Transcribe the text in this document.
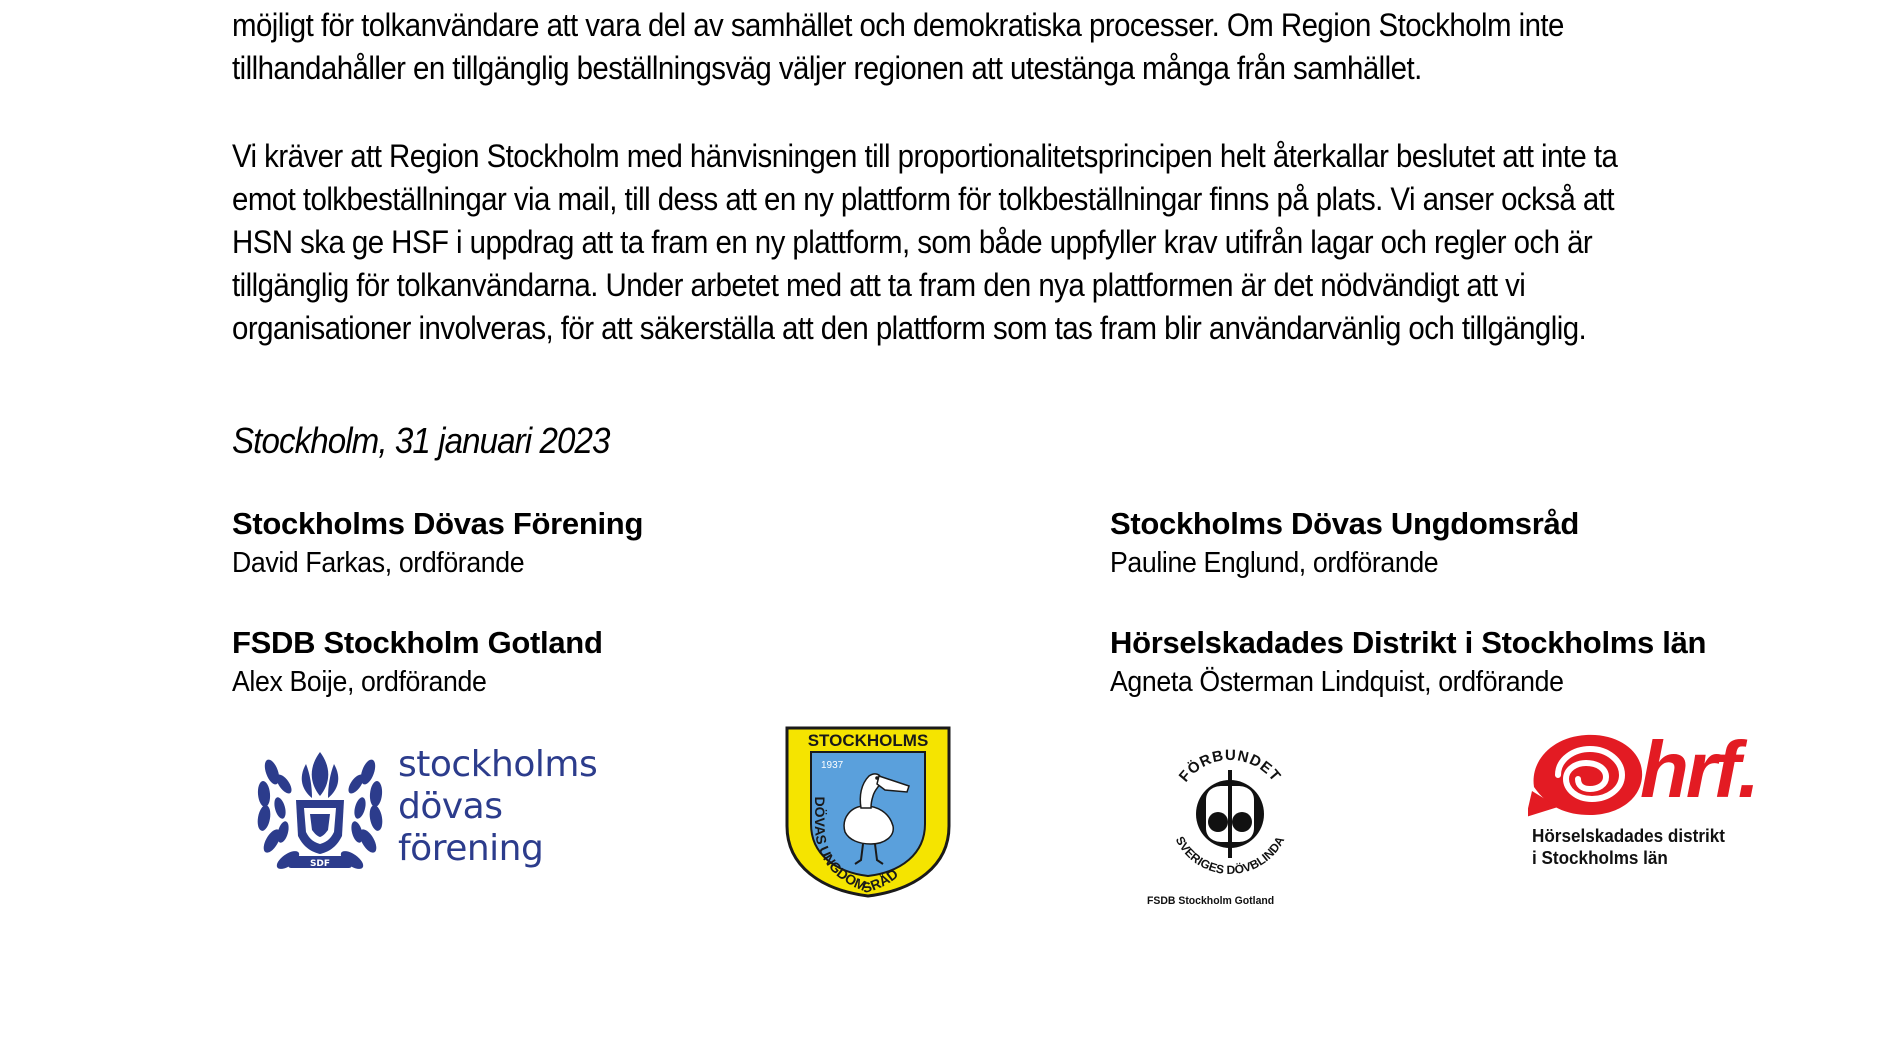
möjligt för tolkanvändare att vara del av samhället och demokratiska processer. Om Region Stockholm inte
tillhandahåller en tillgänglig beställningsväg väljer regionen att utestänga många från samhället.

Vi kräver att Region Stockholm med hänvisningen till proportionalitetsprincipen helt återkallar beslutet att inte ta
emot tolkbeställningar via mail, till dess att en ny plattform för tolkbeställningar finns på plats. Vi anser också att
HSN ska ge HSF i uppdrag att ta fram en ny plattform, som både uppfyller krav utifrån lagar och regler och är
tillgänglig för tolkanvändarna. Under arbetet med att ta fram den nya plattformen är det nödvändigt att vi
organisationer involveras, för att säkerställa att den plattform som tas fram blir användarvänlig och tillgänglig.

Stockholm, 31 januari 2023
Stockholms Dövas Förening
David Farkas, ordförande
Stockholms Dövas Ungdomsråd
Pauline Englund, ordförande
FSDB Stockholm Gotland
Alex Boije, ordförande
Hörselskadades Distrikt i Stockholms län
Agneta Österman Lindquist, ordförande
SDF
stockholms
dövas
förening
STOCKHOLMS
1937
DÖVAS UNGDOMSRÅD
FÖRBUNDET
SVERIGES DÖVBLINDA
FSDB Stockholm Gotland
hrf.
Hörselskadades distrikt
i Stockholms län
